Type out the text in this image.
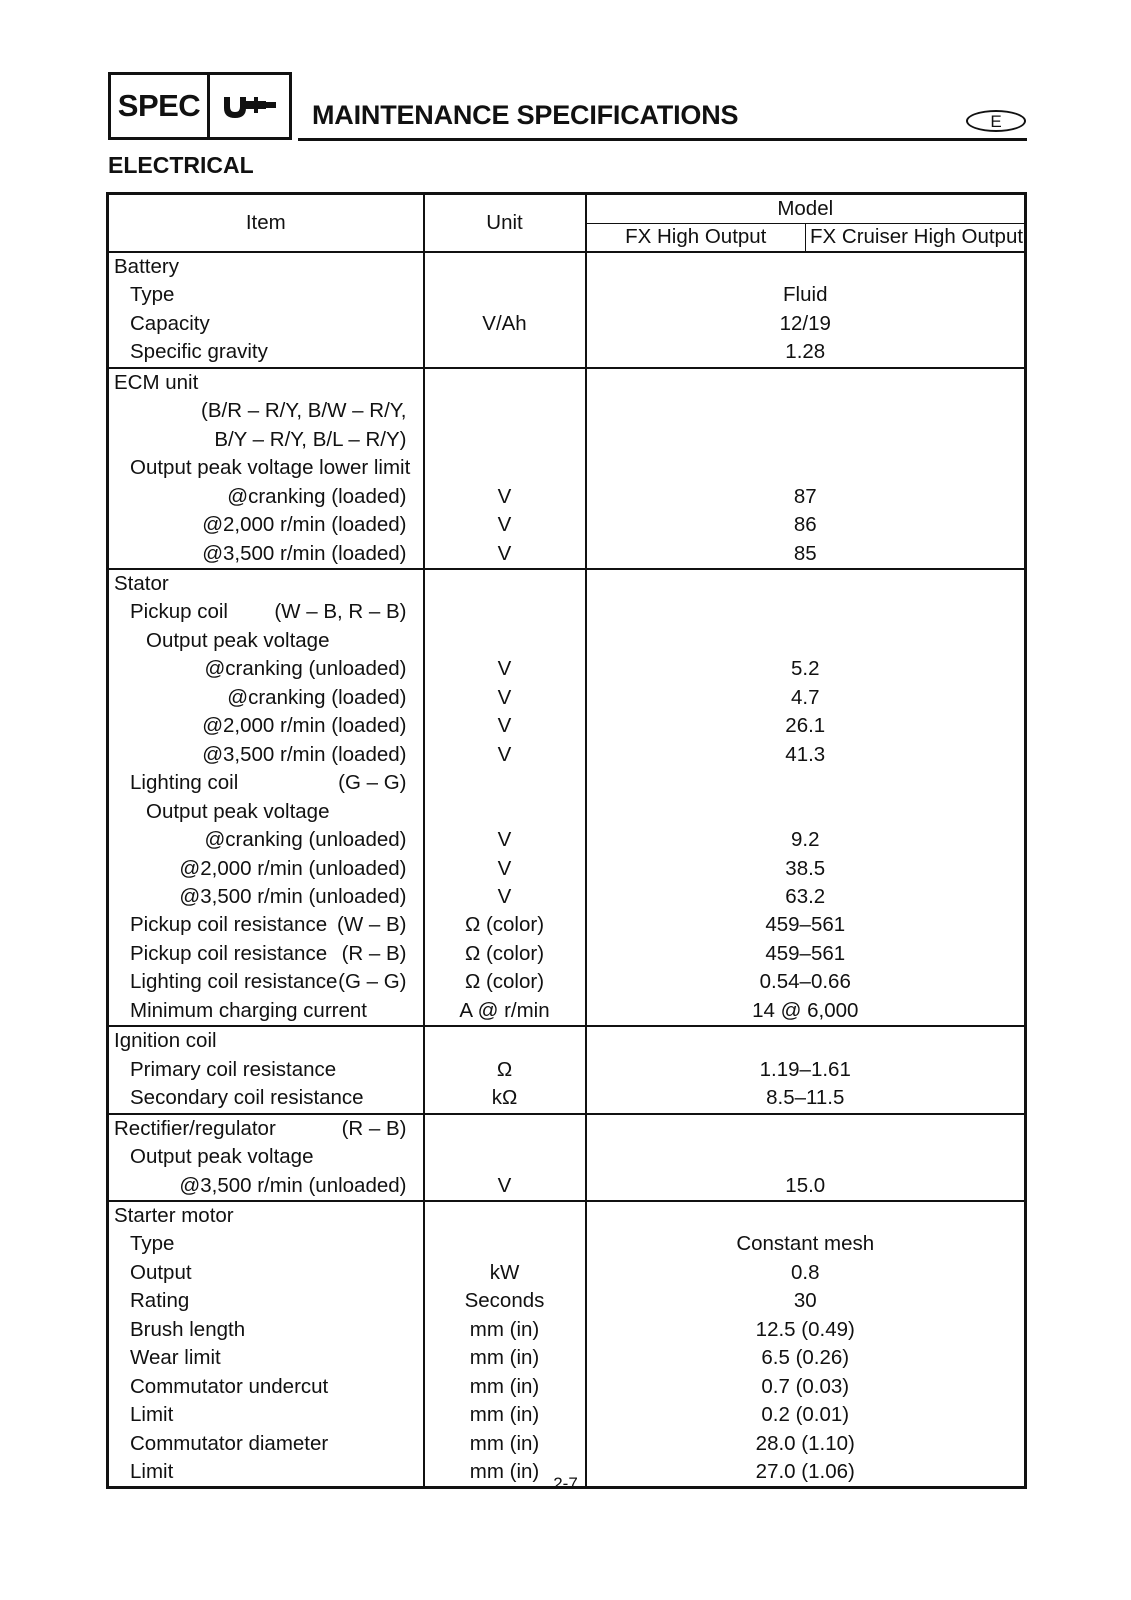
SPEC	MAINTENANCE SPECIFICATIONS	E
ELECTRICAL
Item	Unit	Model	
		FX High Output	FX Cruiser High Output
Battery			
Type		Fluid	
Capacity	V/Ah	12/19	
Specific gravity		1.28	
ECM unit			
(B/R – R/Y, B/W – R/Y,			
B/Y – R/Y, B/L – R/Y)			
Output peak voltage lower limit			
@cranking (loaded)	V	87	
@2,000 r/min (loaded)	V	86	
@3,500 r/min (loaded)	V	85	
Stator			

Pickup coil (W – B, R – B)			

Output peak voltage			
@cranking (unloaded)	V	5.2	
@cranking (loaded)	V	4.7	
@2,000 r/min (loaded)	V	26.1	
@3,500 r/min (loaded)	V	41.3	

Lighting coil (G – G)			

Output peak voltage			
@cranking (unloaded)	V	9.2	
@2,000 r/min (unloaded)	V	38.5	
@3,500 r/min (unloaded)	V	63.2	

Pickup coil resistance (W – B)	Ω (color)	459–561	

Pickup coil resistance (R – B)	Ω (color)	459–561	

Lighting coil resistance (G – G)	Ω (color)	0.54–0.66	
Minimum charging current	A @ r/min	14 @ 6,000	
Ignition coil			
Primary coil resistance	Ω	1.19–1.61	
Secondary coil resistance	kΩ	8.5–11.5	

Rectifier/regulator (R – B)			

Output peak voltage			
@3,500 r/min (unloaded)	V	15.0	
Starter motor			
Type		Constant mesh	
Output	kW	0.8	
Rating	Seconds	30	
Brush length	mm (in)	12.5 (0.49)	
Wear limit	mm (in)	6.5 (0.26)	
Commutator undercut	mm (in)	0.7 (0.03)	
Limit	mm (in)	0.2 (0.01)	
Commutator diameter	mm (in)	28.0 (1.10)	
Limit	mm (in)	27.0 (1.06)	
2-7
